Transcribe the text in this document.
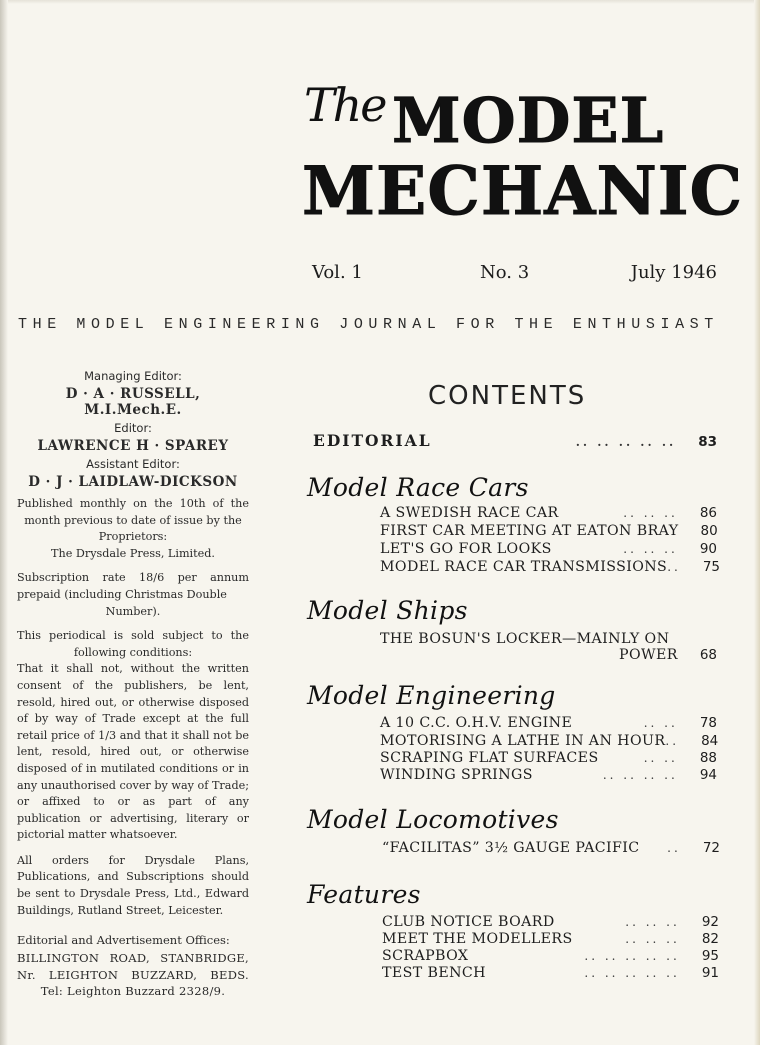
The MODEL
MECHANIC
Vol. 1	No. 3	July 1946
THE MODEL ENGINEERING JOURNAL FOR THE ENTHUSIAST
Managing Editor:
D · A · RUSSELL, M.I.Mech.E.
Editor:
LAWRENCE H · SPAREY
Assistant Editor:
D · J · LAIDLAW-DICKSON
Published monthly on the 10th of the month previous to date of issue by the
Proprietors:
The Drysdale Press, Limited.
Subscription rate 18/6 per annum prepaid (including Christmas Double
Number).
This periodical is sold subject to the following conditions:
That it shall not, without the written consent of the publishers, be lent, resold, hired out, or otherwise disposed of by way of Trade except at the full retail price of 1/3 and that it shall not be lent, resold, hired out, or otherwise disposed of in mutilated conditions or in any unauthorised cover by way of Trade; or affixed to or as part of any publication or advertising, literary or pictorial matter whatsoever.
All orders for Drysdale Plans, Publications, and Subscriptions should be sent to Drysdale Press, Ltd., Edward Buildings, Rutland Street, Leicester.
Editorial and Advertisement Offices:
BILLINGTON ROAD, STANBRIDGE,
Nr. LEIGHTON BUZZARD, BEDS.
Tel: Leighton Buzzard 2328/9.
CONTENTS
EDITORIAL	.. .. .. .. ..	83
Model Race Cars
A SWEDISH RACE CAR	.. .. ..	86
FIRST CAR MEETING AT EATON BRAY 80
LET'S GO FOR LOOKS	.. .. ..	90
MODEL RACE CAR TRANSMISSIONS ..	75
Model Ships
THE BOSUN'S LOCKER—MAINLY ON
POWER 68
Model Engineering
A 10 C.C. O.H.V. ENGINE	.. ..	78
MOTORISING A LATHE IN AN HOUR ..	84
SCRAPING FLAT SURFACES	.. ..	88
WINDING SPRINGS	.. .. .. ..	94
Model Locomotives
“FACILITAS” 3½ GAUGE PACIFIC	..	72
Features
CLUB NOTICE BOARD	.. .. ..	92
MEET THE MODELLERS	.. .. ..	82
SCRAPBOX	.. .. .. .. ..	95
TEST BENCH	.. .. .. .. ..	91
